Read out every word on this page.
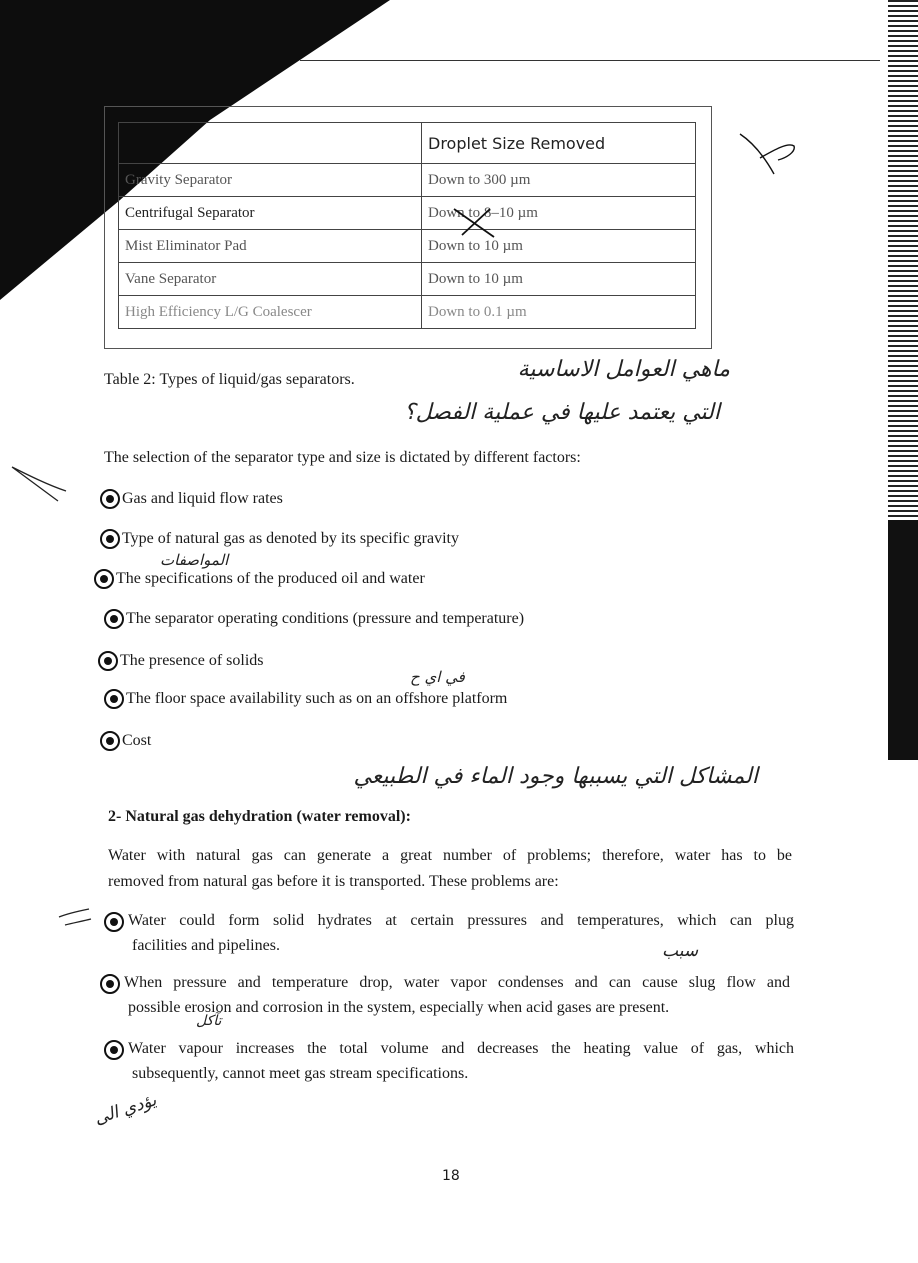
	Droplet Size Removed
Gravity Separator	Down to 300 µm
Centrifugal Separator	Down to 8–10 µm
Mist Eliminator Pad	Down to 10 µm
Vane Separator	Down to 10 µm
High Efficiency L/G Coalescer	Down to 0.1 µm
Table 2: Types of liquid/gas separators.	ماهي العوامل الاساسية
التي يعتمد عليها في عملية الفصل؟
The selection of the separator type and size is dictated by different factors:
Gas and liquid flow rates
Type of natural gas as denoted by its specific gravity
المواصفات
The specifications of the produced oil and water
The separator operating conditions (pressure and temperature)
The presence of solids
في اي ح
The floor space availability such as on an offshore platform
Cost
المشاكل التي يسببها وجود الماء في الطبيعي
2- Natural gas dehydration (water removal):
Water with natural gas can generate a great number of problems; therefore, water has to be
removed from natural gas before it is transported. These problems are:
Water could form solid hydrates at certain pressures and temperatures, which can plug
facilities and pipelines.	سبب
When pressure and temperature drop, water vapor condenses and can cause slug flow and
possible erosion and corrosion in the system, especially when acid gases are present.
تآكل
Water vapour increases the total volume and decreases the heating value of gas, which
subsequently, cannot meet gas stream specifications.
يؤدي الى
18
